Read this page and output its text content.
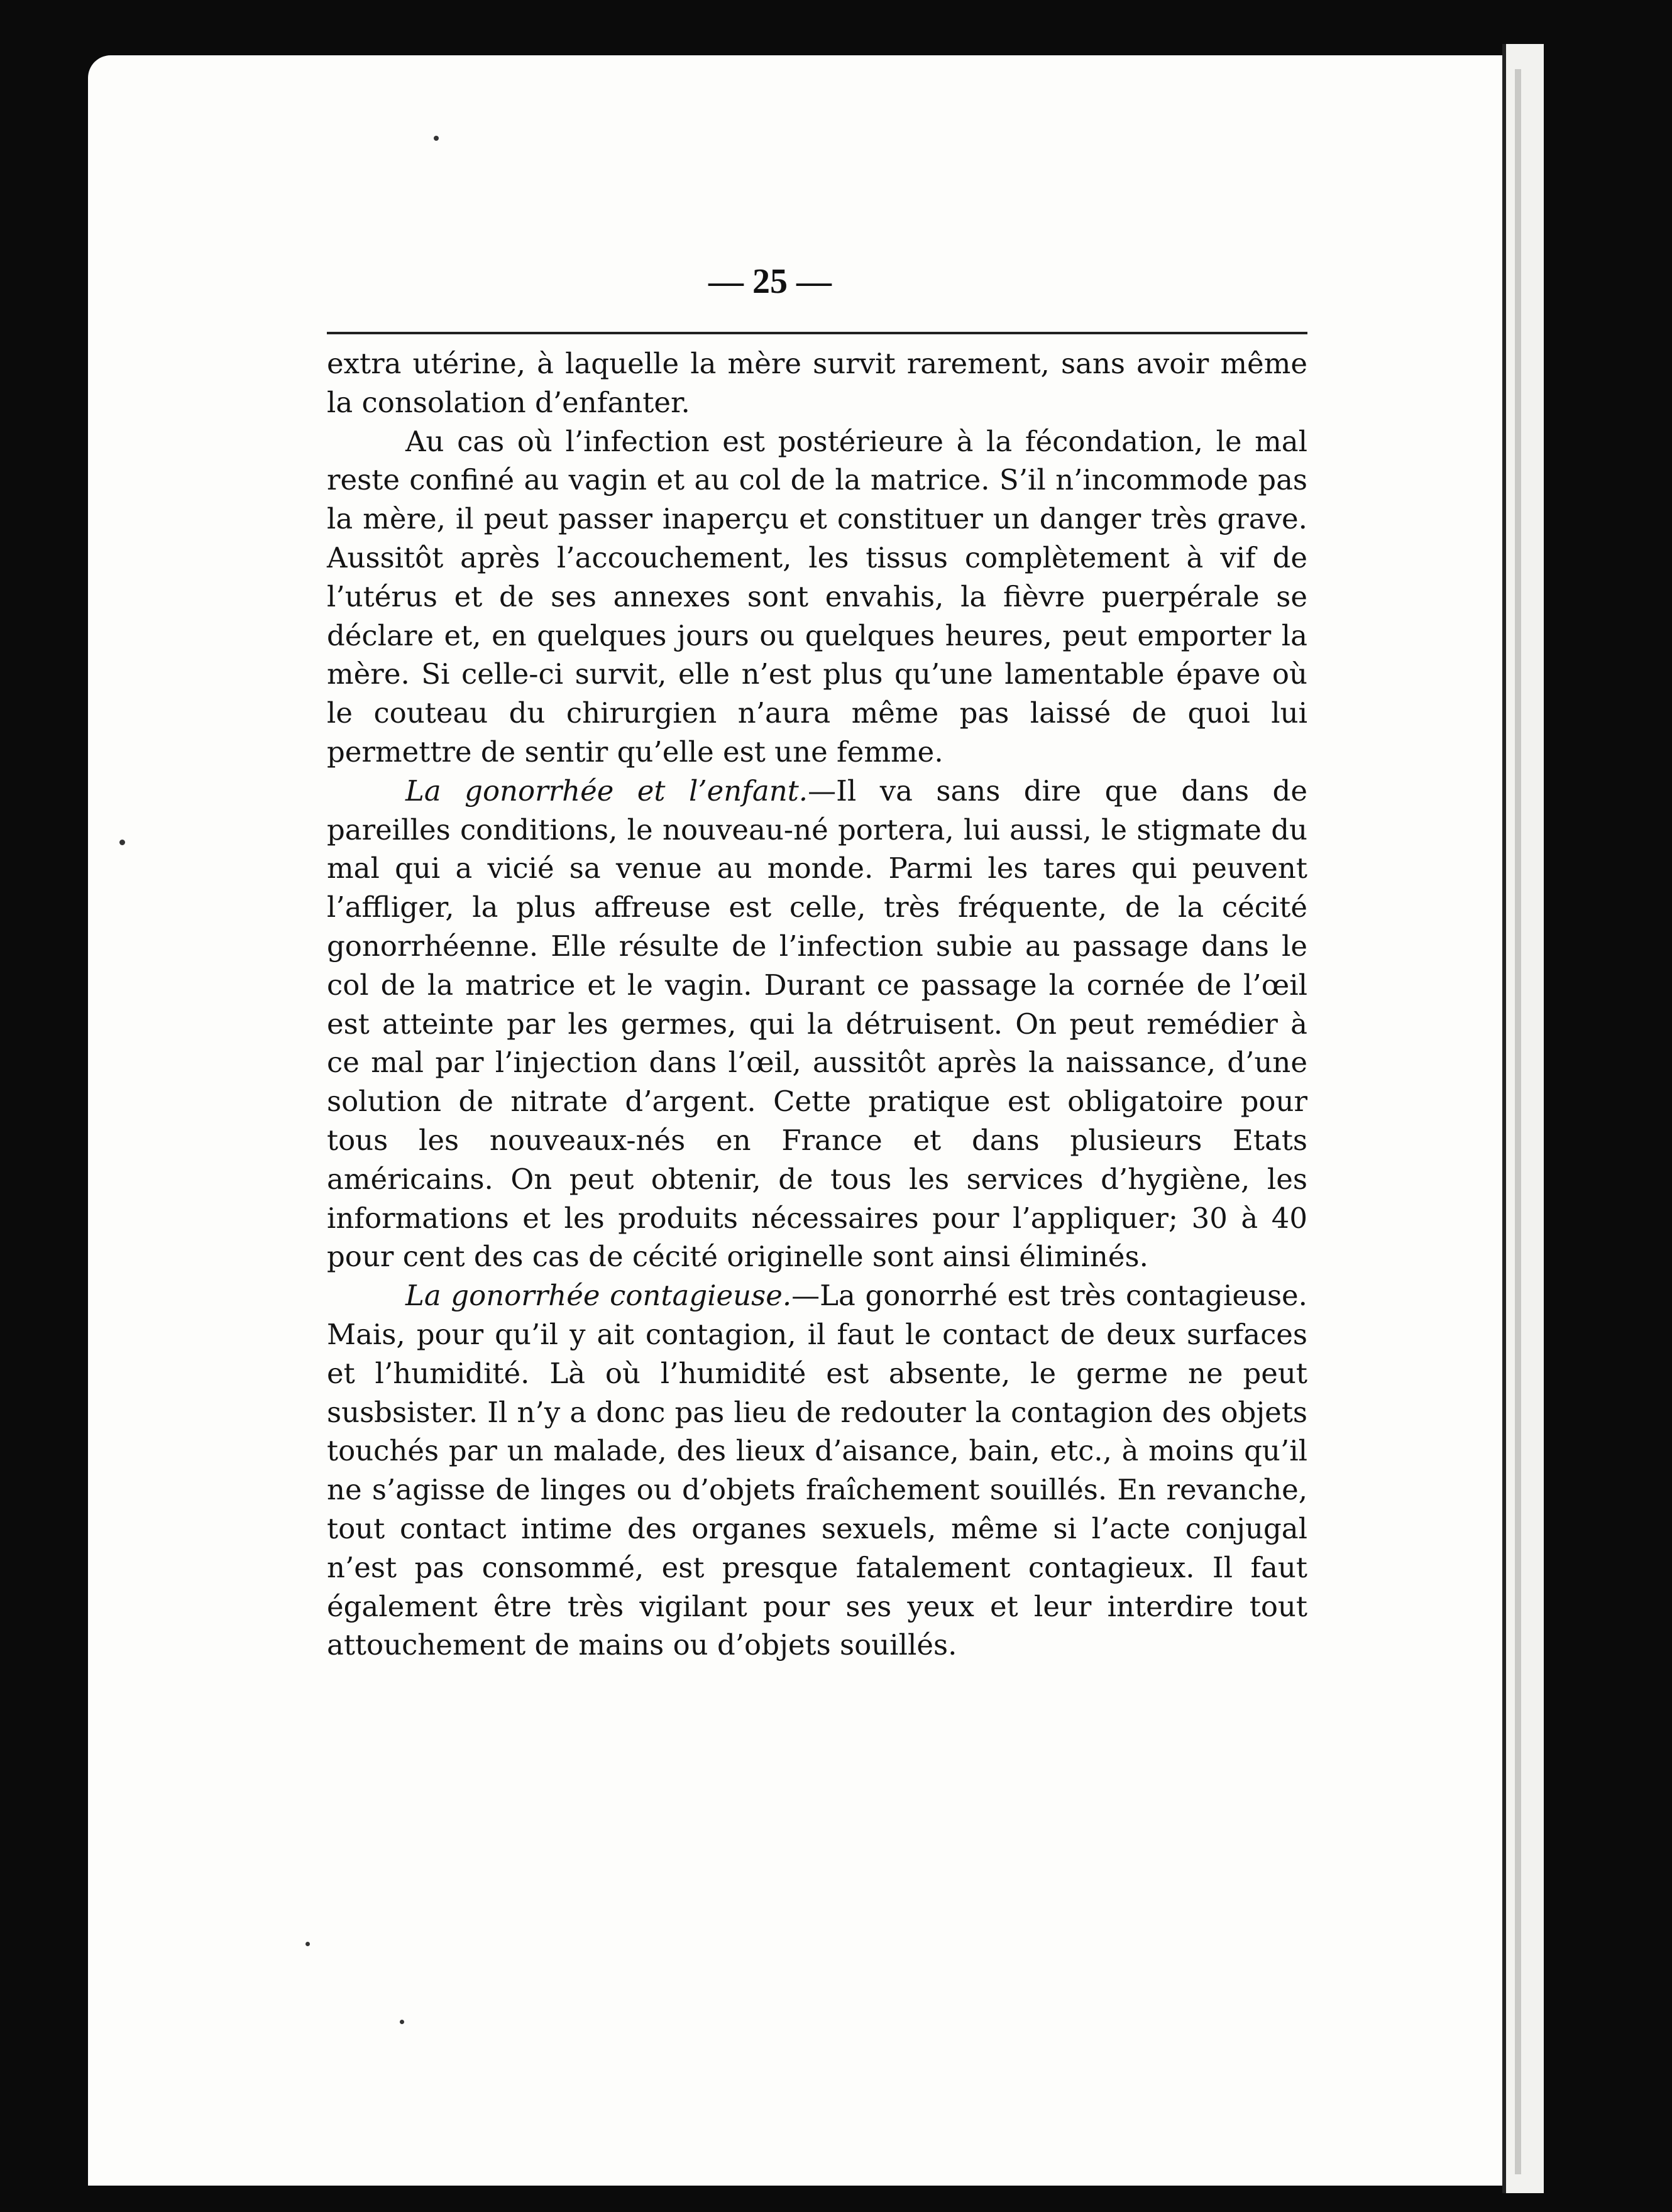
— 25 —

extra utérine, à laquelle la mère survit rarement, sans avoir même la consolation d’enfanter.

Au cas où l’infection est postérieure à la fécondation, le mal reste confiné au vagin et au col de la matrice. S’il n’incommode pas la mère, il peut passer inaperçu et constituer un danger très grave. Aussitôt après l’accouchement, les tissus complètement à vif de l’utérus et de ses annexes sont envahis, la fièvre puerpérale se déclare et, en quelques jours ou quelques heures, peut emporter la mère. Si celle-ci survit, elle n’est plus qu’une lamentable épave où le couteau du chirurgien n’aura même pas laissé de quoi lui permettre de sentir qu’elle est une femme.

La gonorrhée et l’enfant.—Il va sans dire que dans de pareilles conditions, le nouveau-né portera, lui aussi, le stigmate du mal qui a vicié sa venue au monde. Parmi les tares qui peuvent l’affliger, la plus affreuse est celle, très fréquente, de la cécité gonorrhéenne. Elle résulte de l’infection subie au passage dans le col de la matrice et le vagin. Durant ce passage la cornée de l’œil est atteinte par les germes, qui la détruisent. On peut remédier à ce mal par l’injection dans l’œil, aussitôt après la naissance, d’une solution de nitrate d’argent. Cette pratique est obligatoire pour tous les nouveaux-nés en France et dans plusieurs Etats américains. On peut obtenir, de tous les services d’hygiène, les informations et les produits nécessaires pour l’appliquer; 30 à 40 pour cent des cas de cécité originelle sont ainsi éliminés.

La gonorrhée contagieuse.—La gonorrhé est très contagieuse. Mais, pour qu’il y ait contagion, il faut le contact de deux surfaces et l’humidité. Là où l’humidité est absente, le germe ne peut susbsister. Il n’y a donc pas lieu de redouter la contagion des objets touchés par un malade, des lieux d’aisance, bain, etc., à moins qu’il ne s’agisse de linges ou d’objets fraîchement souillés. En revanche, tout contact intime des organes sexuels, même si l’acte conjugal n’est pas consommé, est presque fatalement contagieux. Il faut également être très vigilant pour ses yeux et leur interdire tout attouchement de mains ou d’objets souillés.
